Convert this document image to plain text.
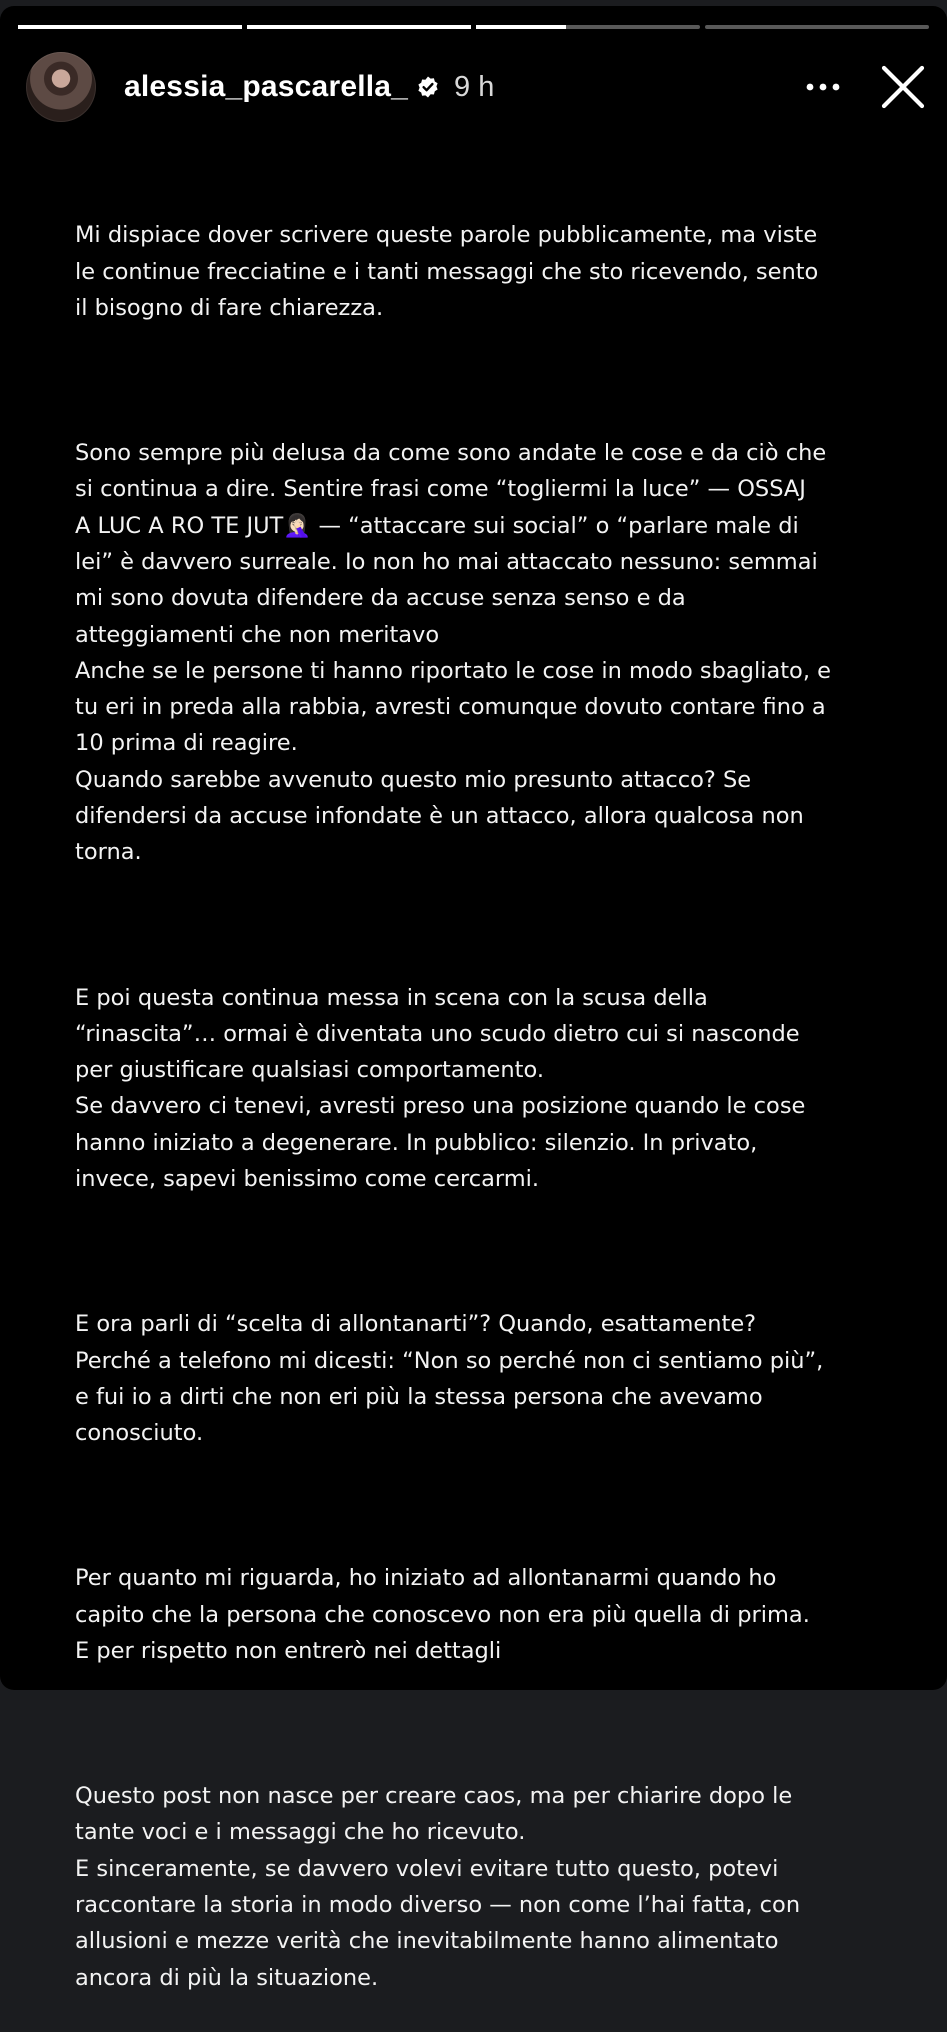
alessia_pascarella_ 9 h

Mi dispiace dover scrivere queste parole pubblicamente, ma viste
le continue frecciatine e i tanti messaggi che sto ricevendo, sento
il bisogno di fare chiarezza.

Sono sempre più delusa da come sono andate le cose e da ciò che
si continua a dire. Sentire frasi come “togliermi la luce” — OSSAJ
A LUC A RO TE JUT🤦🏻‍♀️ — “attaccare sui social” o “parlare male di
lei” è davvero surreale. Io non ho mai attaccato nessuno: semmai
mi sono dovuta difendere da accuse senza senso e da
atteggiamenti che non meritavo
Anche se le persone ti hanno riportato le cose in modo sbagliato, e
tu eri in preda alla rabbia, avresti comunque dovuto contare fino a
10 prima di reagire.
Quando sarebbe avvenuto questo mio presunto attacco? Se
difendersi da accuse infondate è un attacco, allora qualcosa non
torna.

E poi questa continua messa in scena con la scusa della
“rinascita”… ormai è diventata uno scudo dietro cui si nasconde
per giustificare qualsiasi comportamento.
Se davvero ci tenevi, avresti preso una posizione quando le cose
hanno iniziato a degenerare. In pubblico: silenzio. In privato,
invece, sapevi benissimo come cercarmi.

E ora parli di “scelta di allontanarti”? Quando, esattamente?
Perché a telefono mi dicesti: “Non so perché non ci sentiamo più”,
e fui io a dirti che non eri più la stessa persona che avevamo
conosciuto.

Per quanto mi riguarda, ho iniziato ad allontanarmi quando ho
capito che la persona che conoscevo non era più quella di prima.
E per rispetto non entrerò nei dettagli

Questo post non nasce per creare caos, ma per chiarire dopo le
tante voci e i messaggi che ho ricevuto.
E sinceramente, se davvero volevi evitare tutto questo, potevi
raccontare la storia in modo diverso — non come l’hai fatta, con
allusioni e mezze verità che inevitabilmente hanno alimentato
ancora di più la situazione.
